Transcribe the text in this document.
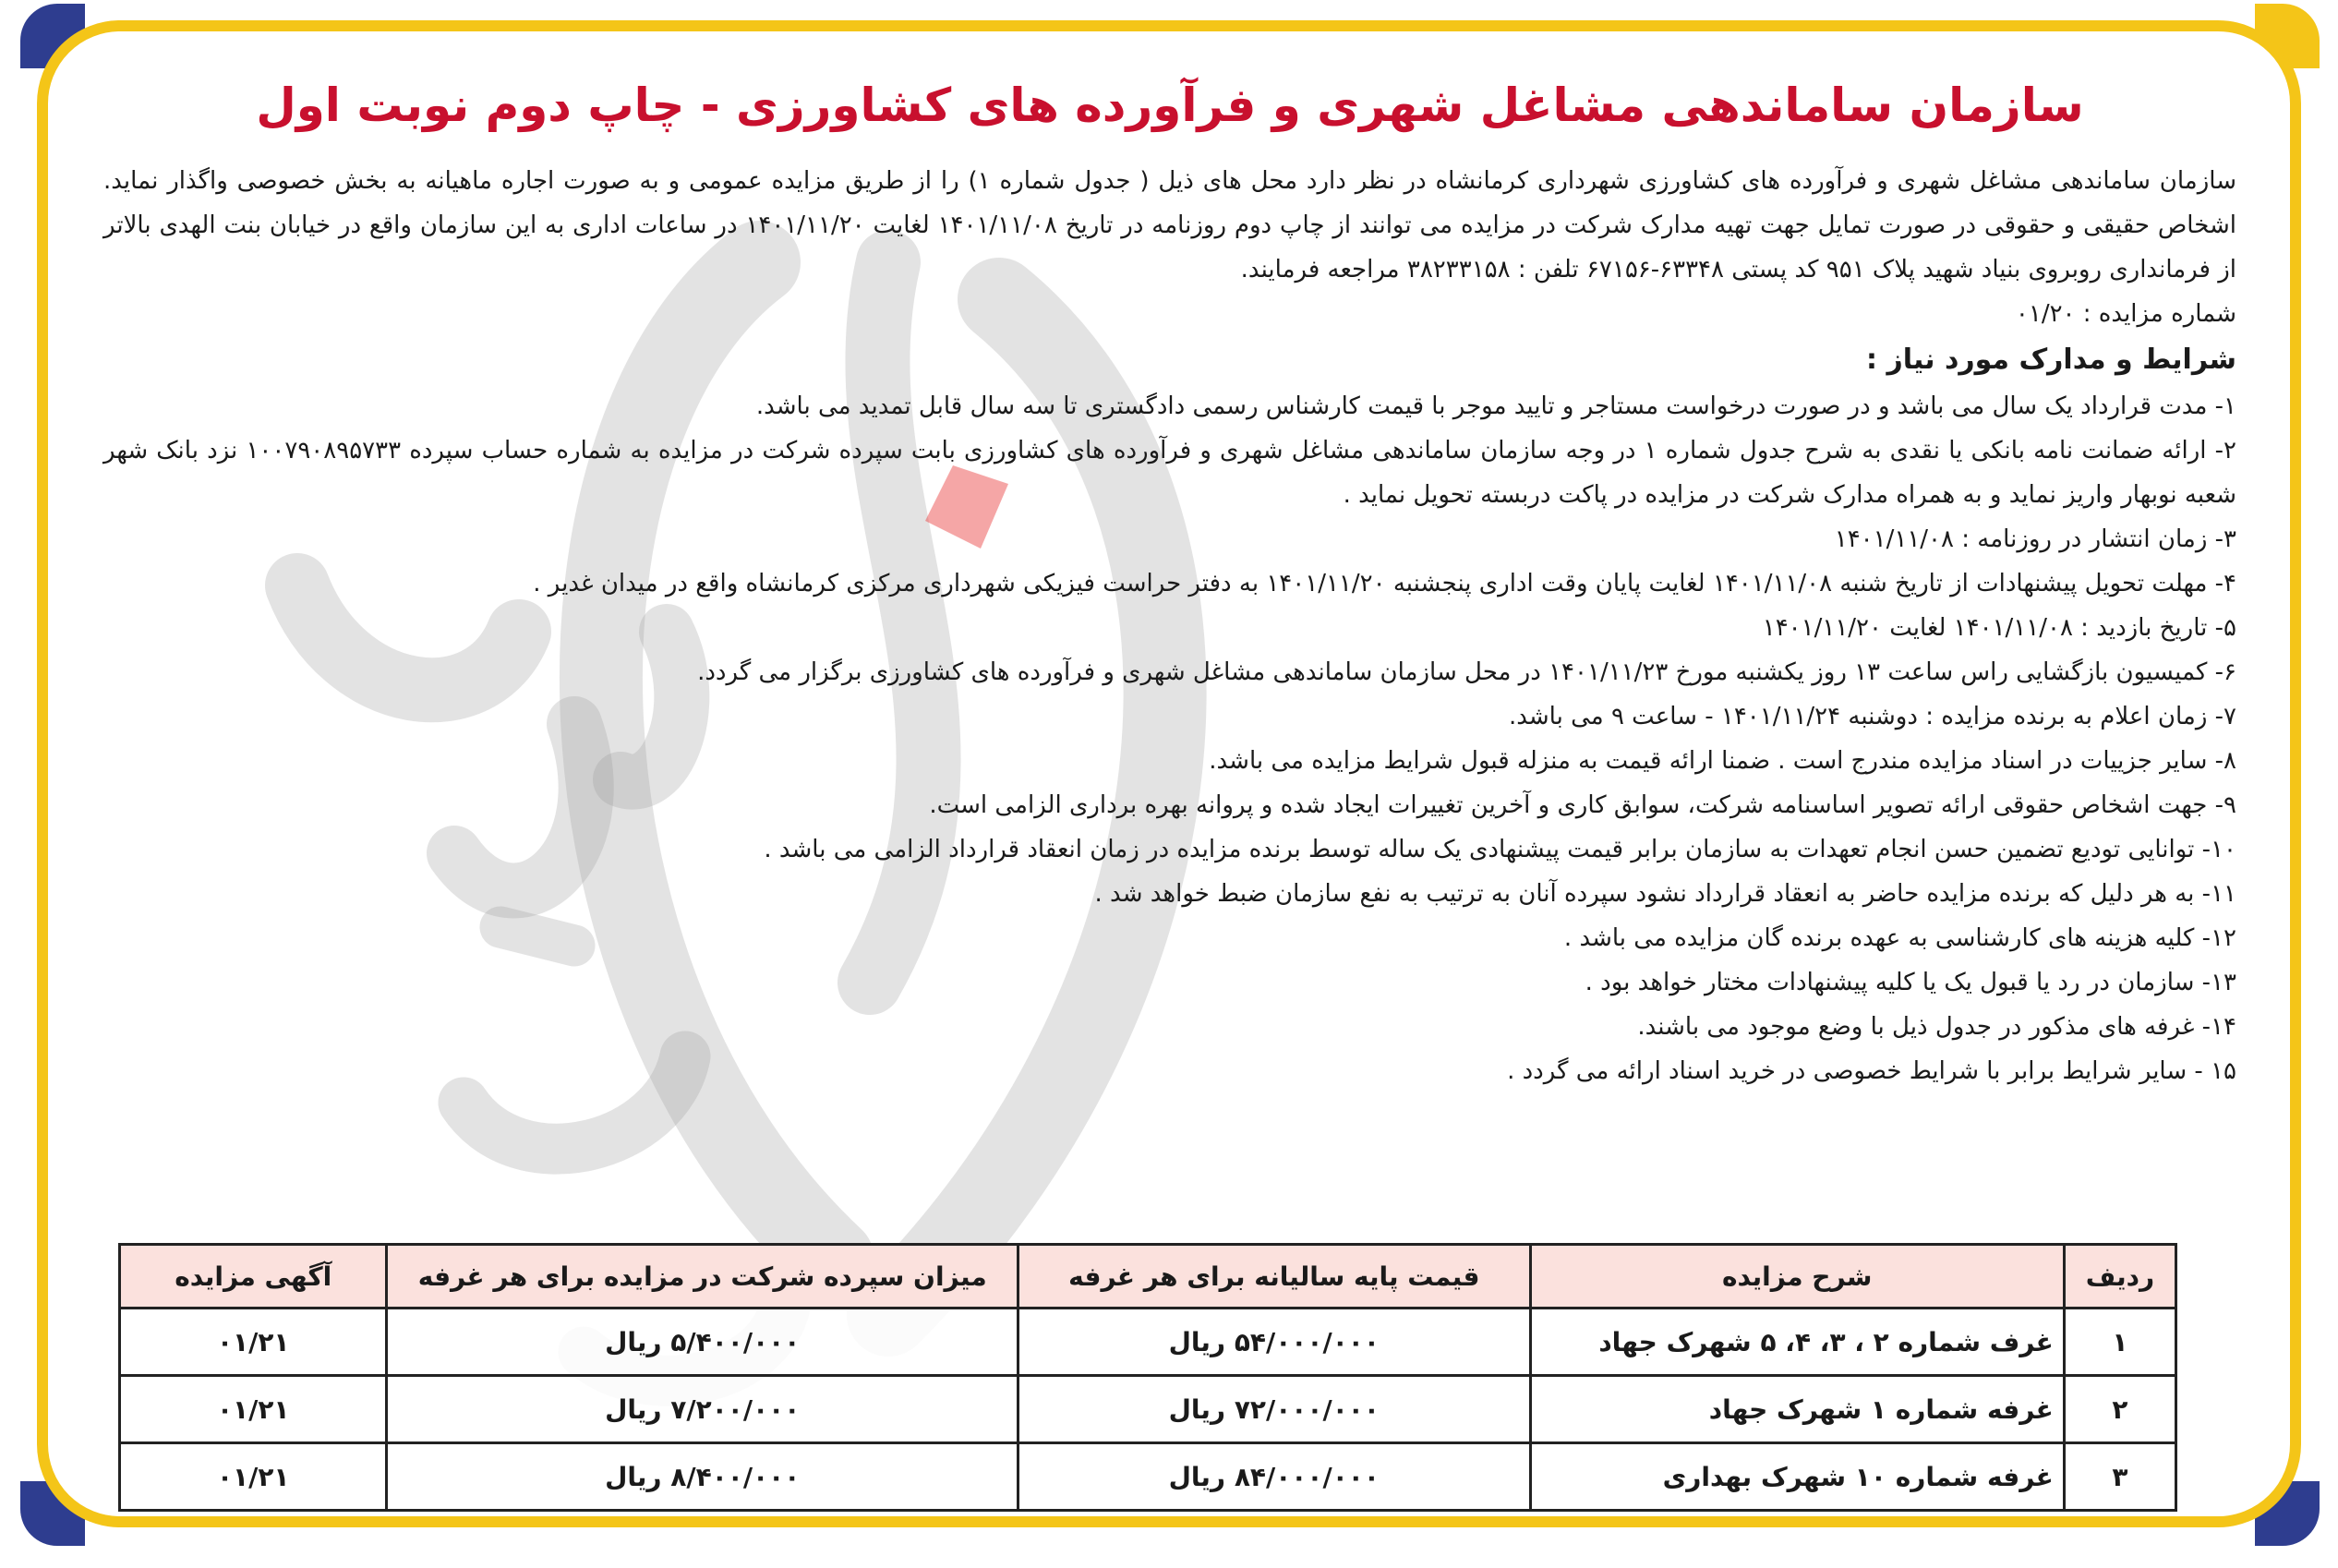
سازمان ساماندهی مشاغل شهری و فرآورده های کشاورزی - چاپ دوم نوبت اول

سازمان ساماندهی مشاغل شهری و فرآورده های کشاورزی شهرداری کرمانشاه در نظر دارد محل های ذیل ( جدول شماره ۱) را از طریق مزایده عمومی و به صورت اجاره ماهیانه به بخش خصوصی واگذار نماید. اشخاص حقیقی و حقوقی در صورت تمایل جهت تهیه مدارک شرکت در مزایده می توانند از چاپ دوم روزنامه در تاریخ ۱۴۰۱/۱۱/۰۸ لغایت ۱۴۰۱/۱۱/۲۰ در ساعات اداری به این سازمان واقع در خیابان بنت الهدی بالاتر از فرمانداری روبروی بنیاد شهید پلاک ۹۵۱ کد پستی ۶۳۳۴۸-۶۷۱۵۶ تلفن : ۳۸۲۳۳۱۵۸ مراجعه فرمایند.

شماره مزایده : ۰۱/۲۰

شرایط و مدارک مورد نیاز :

۱- مدت قرارداد یک سال می باشد و در صورت درخواست مستاجر و تایید موجر با قیمت کارشناس رسمی دادگستری تا سه سال قابل تمدید می باشد.

۲- ارائه ضمانت نامه بانکی یا نقدی به شرح جدول شماره ۱ در وجه سازمان ساماندهی مشاغل شهری و فرآورده های کشاورزی بابت سپرده شرکت در مزایده به شماره حساب سپرده ۱۰۰۷۹۰۸۹۵۷۳۳ نزد بانک شهر شعبه نوبهار واریز نماید و به همراه مدارک شرکت در مزایده در پاکت دربسته تحویل نماید .

۳- زمان انتشار در روزنامه : ۱۴۰۱/۱۱/۰۸

۴- مهلت تحویل پیشنهادات از تاریخ شنبه ۱۴۰۱/۱۱/۰۸ لغایت پایان وقت اداری پنجشنبه ۱۴۰۱/۱۱/۲۰ به دفتر حراست فیزیکی شهرداری مرکزی کرمانشاه واقع در میدان غدیر .

۵- تاریخ بازدید : ۱۴۰۱/۱۱/۰۸ لغایت ۱۴۰۱/۱۱/۲۰

۶- کمیسیون بازگشایی راس ساعت ۱۳ روز یکشنبه مورخ ۱۴۰۱/۱۱/۲۳ در محل سازمان ساماندهی مشاغل شهری و فرآورده های کشاورزی برگزار می گردد.

۷- زمان اعلام به برنده مزایده : دوشنبه ۱۴۰۱/۱۱/۲۴ - ساعت ۹ می باشد.

۸- سایر جزییات در اسناد مزایده مندرج است . ضمنا ارائه قیمت به منزله قبول شرایط مزایده می باشد.

۹- جهت اشخاص حقوقی ارائه تصویر اساسنامه شرکت، سوابق کاری و آخرین تغییرات ایجاد شده و پروانه بهره برداری الزامی است.

۱۰- توانایی تودیع تضمین حسن انجام تعهدات به سازمان برابر قیمت پیشنهادی یک ساله توسط برنده مزایده در زمان انعقاد قرارداد الزامی می باشد .

۱۱- به هر دلیل که برنده مزایده حاضر به انعقاد قرارداد نشود سپرده آنان به ترتیب به نفع سازمان ضبط خواهد شد .

۱۲- کلیه هزینه های کارشناسی به عهده برنده گان مزایده می باشد .

۱۳- سازمان در رد یا قبول یک یا کلیه پیشنهادات مختار خواهد بود .

۱۴- غرفه های مذکور در جدول ذیل با وضع موجود می باشند.

۱۵ - سایر شرایط برابر با شرایط خصوصی در خرید اسناد ارائه می گردد .

ردیف	شرح مزایده	قیمت پایه سالیانه برای هر غرفه	میزان سپرده شرکت در مزایده برای هر غرفه	آگهی مزایده
۱	غرف شماره ۲ ، ۳، ۴، ۵ شهرک جهاد	۵۴/۰۰۰/۰۰۰ ریال	۵/۴۰۰/۰۰۰ ریال	۰۱/۲۱
۲	غرفه شماره ۱ شهرک جهاد	۷۲/۰۰۰/۰۰۰ ریال	۷/۲۰۰/۰۰۰ ریال	۰۱/۲۱
۳	غرفه شماره ۱۰ شهرک بهداری	۸۴/۰۰۰/۰۰۰ ریال	۸/۴۰۰/۰۰۰ ریال	۰۱/۲۱
